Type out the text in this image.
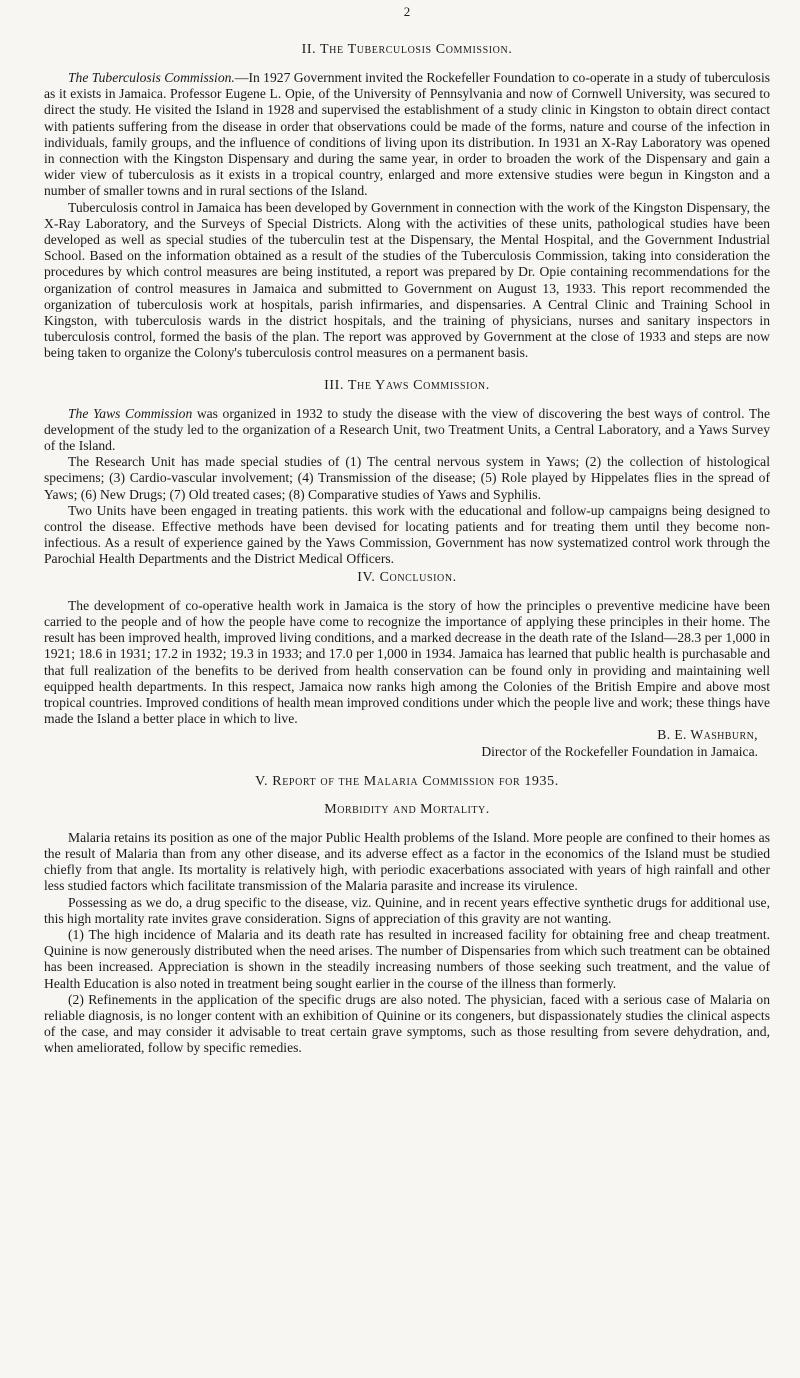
2
II. The Tuberculosis Commission.

The Tuberculosis Commission.—In 1927 Government invited the Rockefeller Foundation to co-operate in a study of tuberculosis as it exists in Jamaica. Professor Eugene L. Opie, of the University of Pennsylvania and now of Cornwell University, was secured to direct the study. He visited the Island in 1928 and supervised the establishment of a study clinic in Kingston to obtain direct contact with patients suffering from the disease in order that observations could be made of the forms, nature and course of the infection in individuals, family groups, and the influence of conditions of living upon its distribution. In 1931 an X-Ray Laboratory was opened in connection with the Kingston Dispensary and during the same year, in order to broaden the work of the Dispensary and gain a wider view of tuberculosis as it exists in a tropical country, enlarged and more extensive studies were begun in Kingston and a number of smaller towns and in rural sections of the Island.

Tuberculosis control in Jamaica has been developed by Government in connection with the work of the Kingston Dispensary, the X-Ray Laboratory, and the Surveys of Special Districts. Along with the activities of these units, pathological studies have been developed as well as special studies of the tuberculin test at the Dispensary, the Mental Hospital, and the Government Industrial School. Based on the information obtained as a result of the studies of the Tuberculosis Commission, taking into consideration the procedures by which control measures are being instituted, a report was prepared by Dr. Opie containing recommendations for the organization of control measures in Jamaica and submitted to Government on August 13, 1933. This report recommended the organization of tuberculosis work at hospitals, parish infirmaries, and dispensaries. A Central Clinic and Training School in Kingston, with tuberculosis wards in the district hospitals, and the training of physicians, nurses and sanitary inspectors in tuberculosis control, formed the basis of the plan. The report was approved by Government at the close of 1933 and steps are now being taken to organize the Colony's tuberculosis control measures on a permanent basis.

III. The Yaws Commission.

The Yaws Commission was organized in 1932 to study the disease with the view of discovering the best ways of control. The development of the study led to the organization of a Research Unit, two Treatment Units, a Central Laboratory, and a Yaws Survey of the Island.

The Research Unit has made special studies of (1) The central nervous system in Yaws; (2) the collection of histological specimens; (3) Cardio-vascular involvement; (4) Transmission of the disease; (5) Role played by Hippelates flies in the spread of Yaws; (6) New Drugs; (7) Old treated cases; (8) Comparative studies of Yaws and Syphilis.

Two Units have been engaged in treating patients. this work with the educational and follow-up campaigns being designed to control the disease. Effective methods have been devised for locating patients and for treating them until they become non-infectious. As a result of experience gained by the Yaws Commission, Government has now systematized control work through the Parochial Health Departments and the District Medical Officers.

IV. Conclusion.

The development of co-operative health work in Jamaica is the story of how the principles o preventive medicine have been carried to the people and of how the people have come to recognize the importance of applying these principles in their home. The result has been improved health, improved living conditions, and a marked decrease in the death rate of the Island—28.3 per 1,000 in 1921; 18.6 in 1931; 17.2 in 1932; 19.3 in 1933; and 17.0 per 1,000 in 1934. Jamaica has learned that public health is purchasable and that full realization of the benefits to be derived from health conservation can be found only in providing and maintaining well equipped health departments. In this respect, Jamaica now ranks high among the Colonies of the British Empire and above most tropical countries. Improved conditions of health mean improved conditions under which the people live and work; these things have made the Island a better place in which to live.

B. E. Washburn,
Director of the Rockefeller Foundation in Jamaica.
V. Report of the Malaria Commission for 1935.
Morbidity and Mortality.

Malaria retains its position as one of the major Public Health problems of the Island. More people are confined to their homes as the result of Malaria than from any other disease, and its adverse effect as a factor in the economics of the Island must be studied chiefly from that angle. Its mortality is relatively high, with periodic exacerbations associated with years of high rainfall and other less studied factors which facilitate transmission of the Malaria parasite and increase its virulence.

Possessing as we do, a drug specific to the disease, viz. Quinine, and in recent years effective synthetic drugs for additional use, this high mortality rate invites grave consideration. Signs of appreciation of this gravity are not wanting.

(1) The high incidence of Malaria and its death rate has resulted in increased facility for obtaining free and cheap treatment. Quinine is now generously distributed when the need arises. The number of Dispensaries from which such treatment can be obtained has been increased. Appreciation is shown in the steadily increasing numbers of those seeking such treatment, and the value of Health Education is also noted in treatment being sought earlier in the course of the illness than formerly.

(2) Refinements in the application of the specific drugs are also noted. The physician, faced with a serious case of Malaria on reliable diagnosis, is no longer content with an exhibition of Quinine or its congeners, but dispassionately studies the clinical aspects of the case, and may consider it advisable to treat certain grave symptoms, such as those resulting from severe dehydration, and, when ameliorated, follow by specific remedies.
